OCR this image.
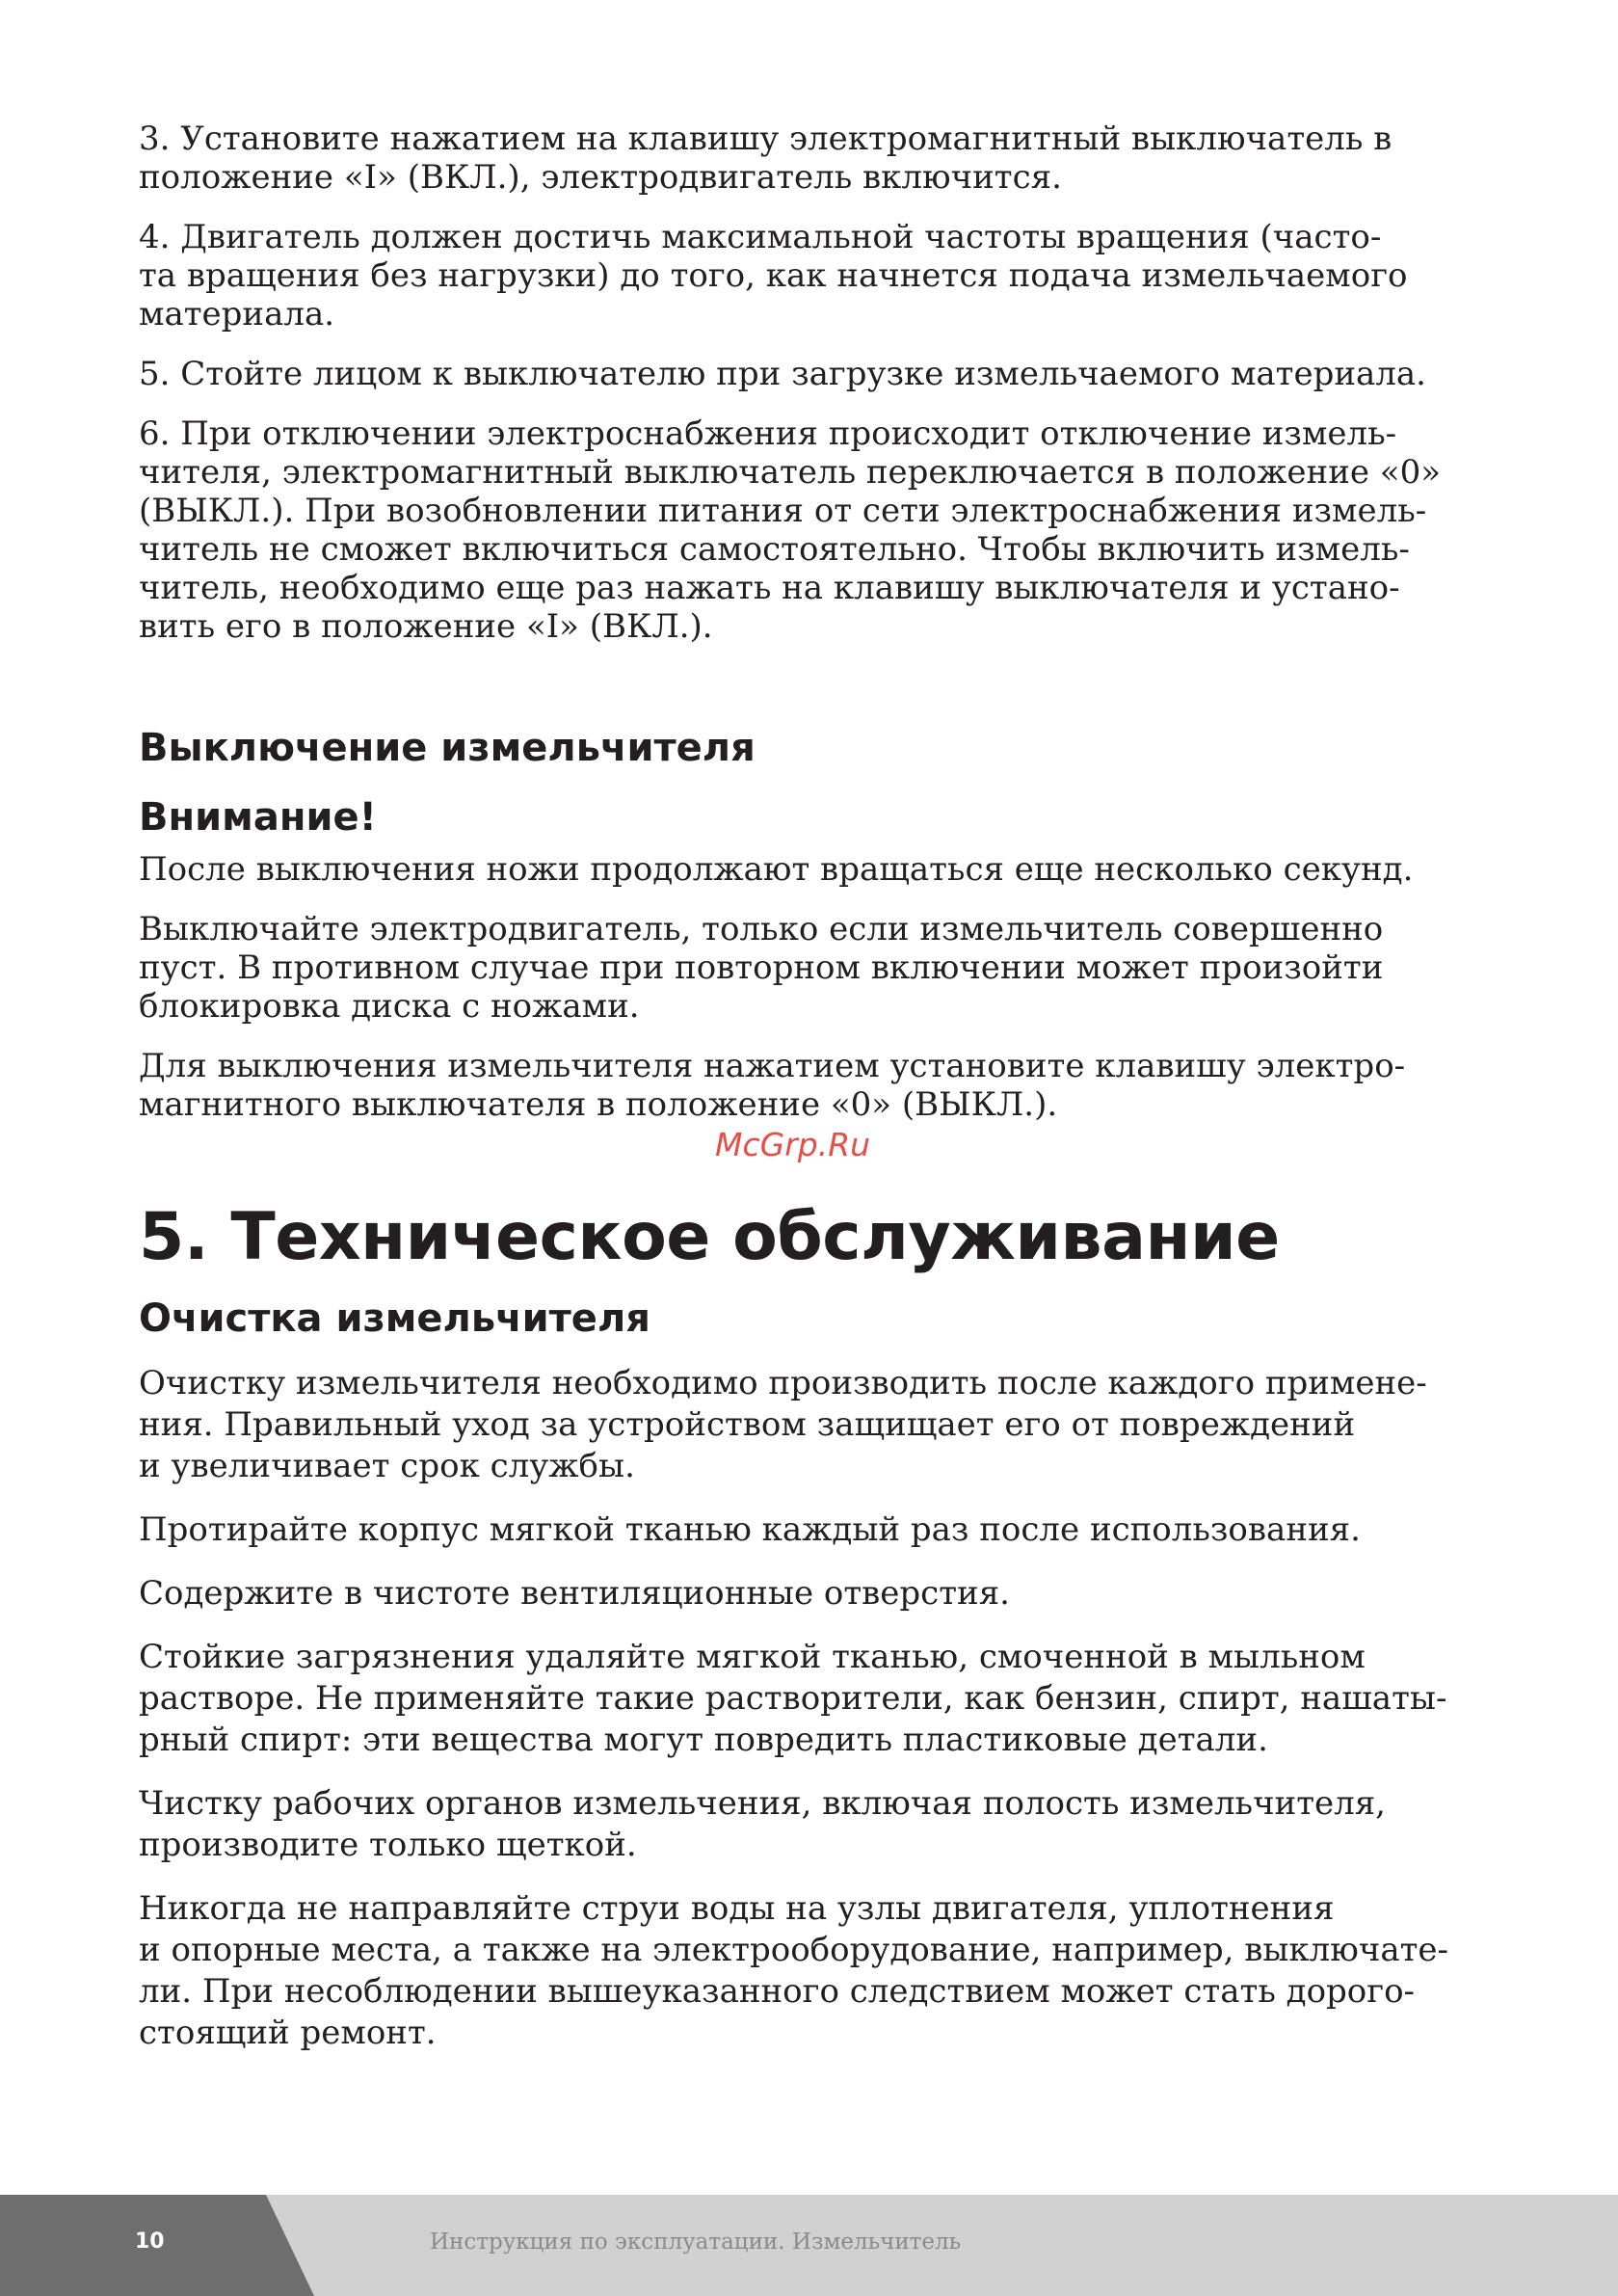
3. Установите нажатием на клавишу электромагнитный выключатель в
положение «I» (ВКЛ.), электродвигатель включится.

4. Двигатель должен достичь максимальной частоты вращения (часто-
та вращения без нагрузки) до того, как начнется подача измельчаемого
материала.

5. Стойте лицом к выключателю при загрузке измельчаемого материала.

6. При отключении электроснабжения происходит отключение измель-
чителя, электромагнитный выключатель переключается в положение «0»
(ВЫКЛ.). При возобновлении питания от сети электроснабжения измель-
читель не сможет включиться самостоятельно. Чтобы включить измель-
читель, необходимо еще раз нажать на клавишу выключателя и устано-
вить его в положение «I» (ВКЛ.).

Выключение измельчителя
Внимание!

После выключения ножи продолжают вращаться еще несколько секунд.

Выключайте электродвигатель, только если измельчитель совершенно
пуст. В противном случае при повторном включении может произойти
блокировка диска с ножами.

Для выключения измельчителя нажатием установите клавишу электро-
магнитного выключателя в положение «0» (ВЫКЛ.).

5. Техническое обслуживание
Очистка измельчителя

Очистку измельчителя необходимо производить после каждого примене-
ния. Правильный уход за устройством защищает его от повреждений
и увеличивает срок службы.

Протирайте корпус мягкой тканью каждый раз после использования.

Содержите в чистоте вентиляционные отверстия.

Стойкие загрязнения удаляйте мягкой тканью, смоченной в мыльном
растворе. Не применяйте такие растворители, как бензин, спирт, нашаты-
рный спирт: эти вещества могут повредить пластиковые детали.

Чистку рабочих органов измельчения, включая полость измельчителя,
производите только щеткой.

Никогда не направляйте струи воды на узлы двигателя, уплотнения
и опорные места, а также на электрооборудование, например, выключате-
ли. При несоблюдении вышеуказанного следствием может стать дорого-
стоящий ремонт.

McGrp.Ru
10	Инструкция по эксплуатации. Измельчитель
